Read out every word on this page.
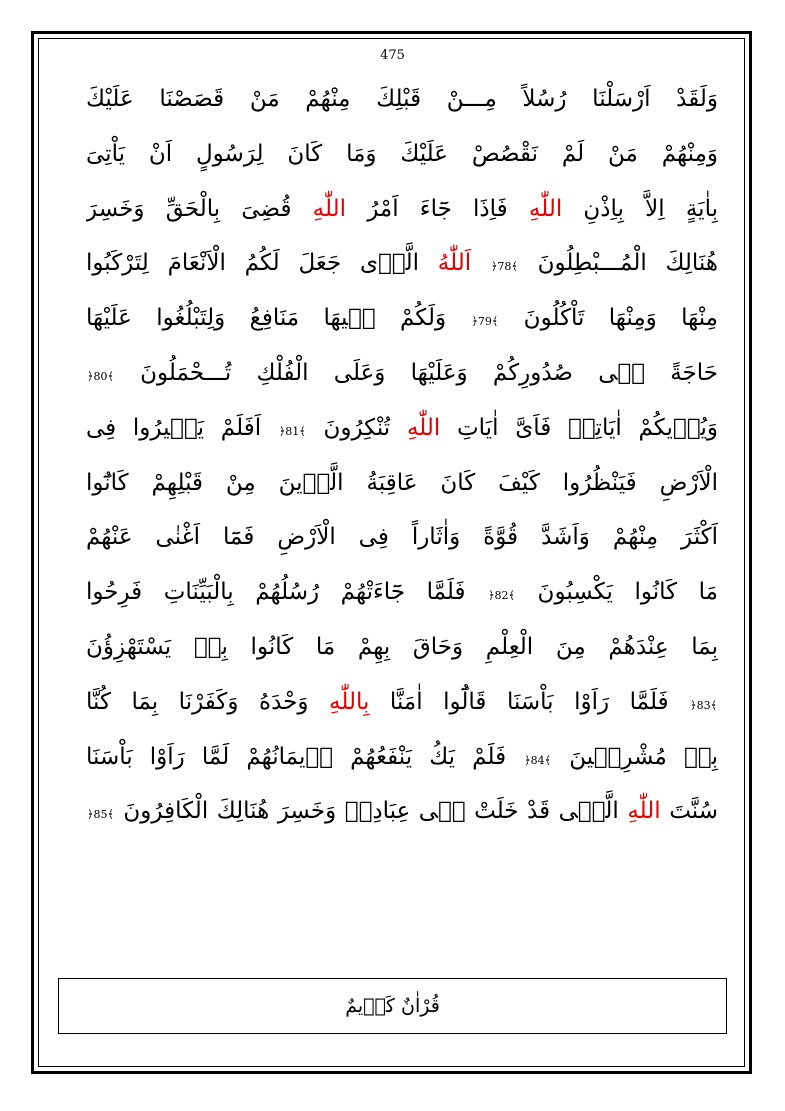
475
وَلَقَدْ اَرْسَلْنَا رُسُلاً مِـــنْ قَبْلِكَ مِنْهُمْ مَنْ قَصَصْنَا عَلَيْكَ
وَمِنْهُمْ مَنْ لَمْ نَقْصُصْ عَلَيْكَ وَمَا كَانَ لِرَسُولٍ اَنْ يَاْتِىَ
بِاٰيَةٍ اِلاَّ بِاِذْنِ اللّٰهِ فَاِذَا جَٓاءَ اَمْرُ اللّٰهِ قُضِىَ بِالْحَقِّ وَخَسِرَ
هُنَالِكَ الْمُـــبْطِلُونَ ﴿78﴾ اَللّٰهُ الَّذٖى جَعَلَ لَكُمُ الْاَنْعَامَ لِتَرْكَبُوا
مِنْهَا وَمِنْهَا تَاْكُلُونَ ﴿79﴾ وَلَكُمْ فٖيهَا مَنَافِعُ وَلِتَبْلُغُوا عَلَيْهَا
حَاجَةً فٖى صُدُورِكُمْ وَعَلَيْهَا وَعَلَى الْفُلْكِ تُـــحْمَلُونَ ﴿80﴾
وَيُرٖيكُمْ اٰيَاتِهٖ فَاَىَّ اٰيَاتِ اللّٰهِ تُنْكِرُونَ ﴿81﴾ اَفَلَمْ يَسٖيرُوا فِى
الْاَرْضِ فَيَنْظُرُوا كَيْفَ كَانَ عَاقِبَةُ الَّذٖينَ مِنْ قَبْلِهِمْ كَانُٓوا
اَكْثَرَ مِنْهُمْ وَاَشَدَّ قُوَّةً وَاٰثَاراً فِى الْاَرْضِ فَمَٓا اَغْنٰى عَنْهُمْ
مَا كَانُوا يَكْسِبُونَ ﴿82﴾ فَلَمَّا جَٓاءَتْهُمْ رُسُلُهُمْ بِالْبَيِّنَاتِ فَرِحُوا
بِمَا عِنْدَهُمْ مِنَ الْعِلْمِ وَحَاقَ بِهِمْ مَا كَانُوا بِهٖ يَسْتَهْزِؤُنَ
﴿83﴾ فَلَمَّا رَاَوْا بَاْسَنَا قَالُٓوا اٰمَنَّا بِاللّٰهِ وَحْدَهُ وَكَفَرْنَا بِمَا كُنَّا
بِهٖ مُشْرِكٖينَ ﴿84﴾ فَلَمْ يَكُ يَنْفَعُهُمْ اٖيمَانُهُمْ لَمَّا رَاَوْا بَاْسَنَا
سُنَّتَ اللّٰهِ الَّتٖى قَدْ خَلَتْ فٖى عِبَادِهٖ وَخَسِرَ هُنَالِكَ الْكَافِرُونَ ﴿85﴾
قُرْاٰنٌ كَرٖيمٌ
